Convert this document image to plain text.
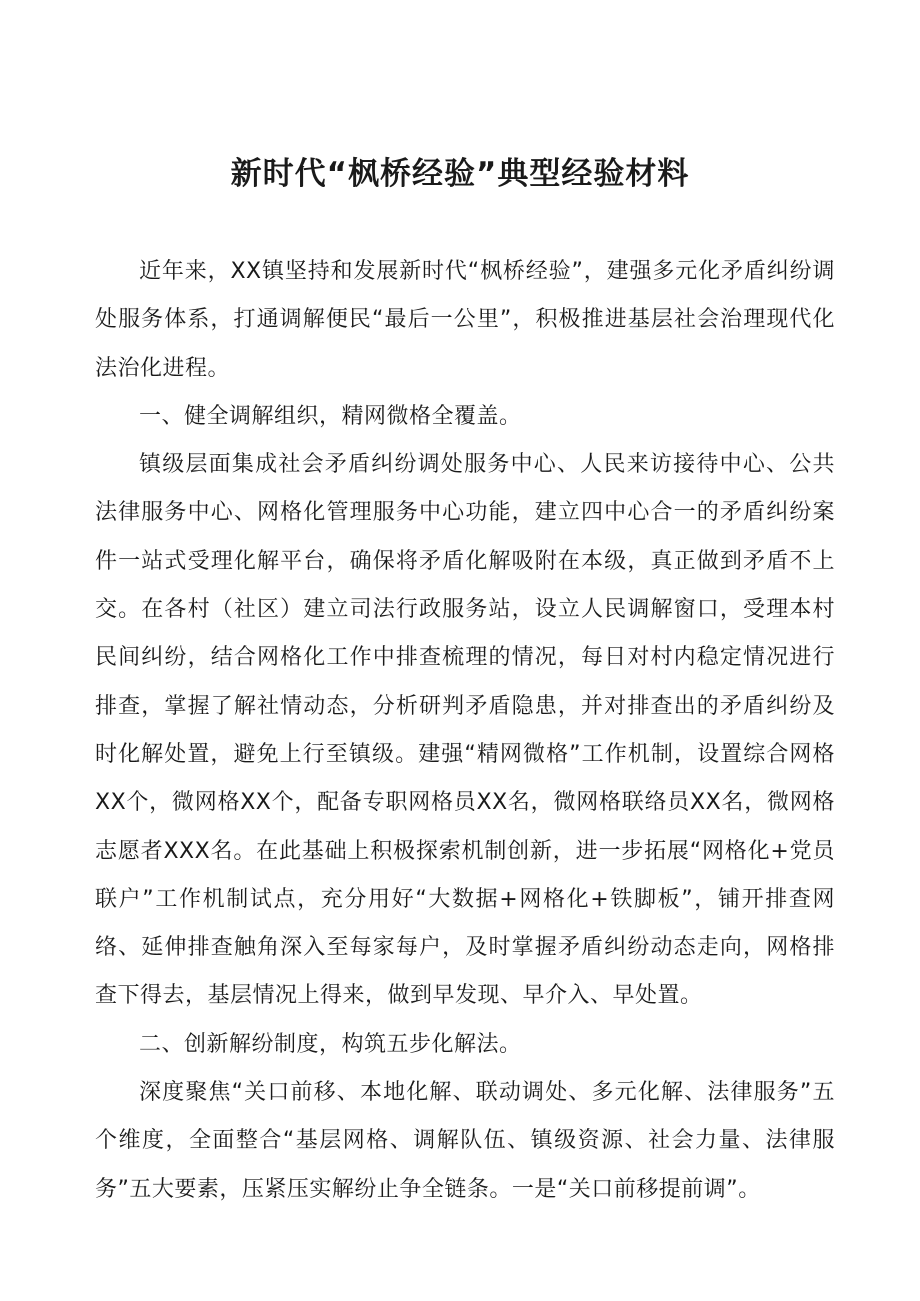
新时代“枫桥经验”典型经验材料

近年来，XX镇坚持和发展新时代“枫桥经验”，建强多元化矛盾纠纷调处服务体系，打通调解便民“最后一公里”，积极推进基层社会治理现代化法治化进程。

一、健全调解组织，精网微格全覆盖。

镇级层面集成社会矛盾纠纷调处服务中心、人民来访接待中心、公共法律服务中心、网格化管理服务中心功能，建立四中心合一的矛盾纠纷案件一站式受理化解平台，确保将矛盾化解吸附在本级，真正做到矛盾不上交。在各村（社区）建立司法行政服务站，设立人民调解窗口，受理本村民间纠纷，结合网格化工作中排查梳理的情况，每日对村内稳定情况进行排查，掌握了解社情动态，分析研判矛盾隐患，并对排查出的矛盾纠纷及时化解处置，避免上行至镇级。建强“精网微格”工作机制，设置综合网格XX个，微网格XX个，配备专职网格员XX名，微网格联络员XX名，微网格志愿者XXX名。在此基础上积极探索机制创新，进一步拓展“网格化+党员联户”工作机制试点，充分用好“大数据+网格化+铁脚板”，铺开排查网络、延伸排查触角深入至每家每户，及时掌握矛盾纠纷动态走向，网格排查下得去，基层情况上得来，做到早发现、早介入、早处置。

二、创新解纷制度，构筑五步化解法。

深度聚焦“关口前移、本地化解、联动调处、多元化解、法律服务”五个维度，全面整合“基层网格、调解队伍、镇级资源、社会力量、法律服务”五大要素，压紧压实解纷止争全链条。一是“关口前移提前调”。
